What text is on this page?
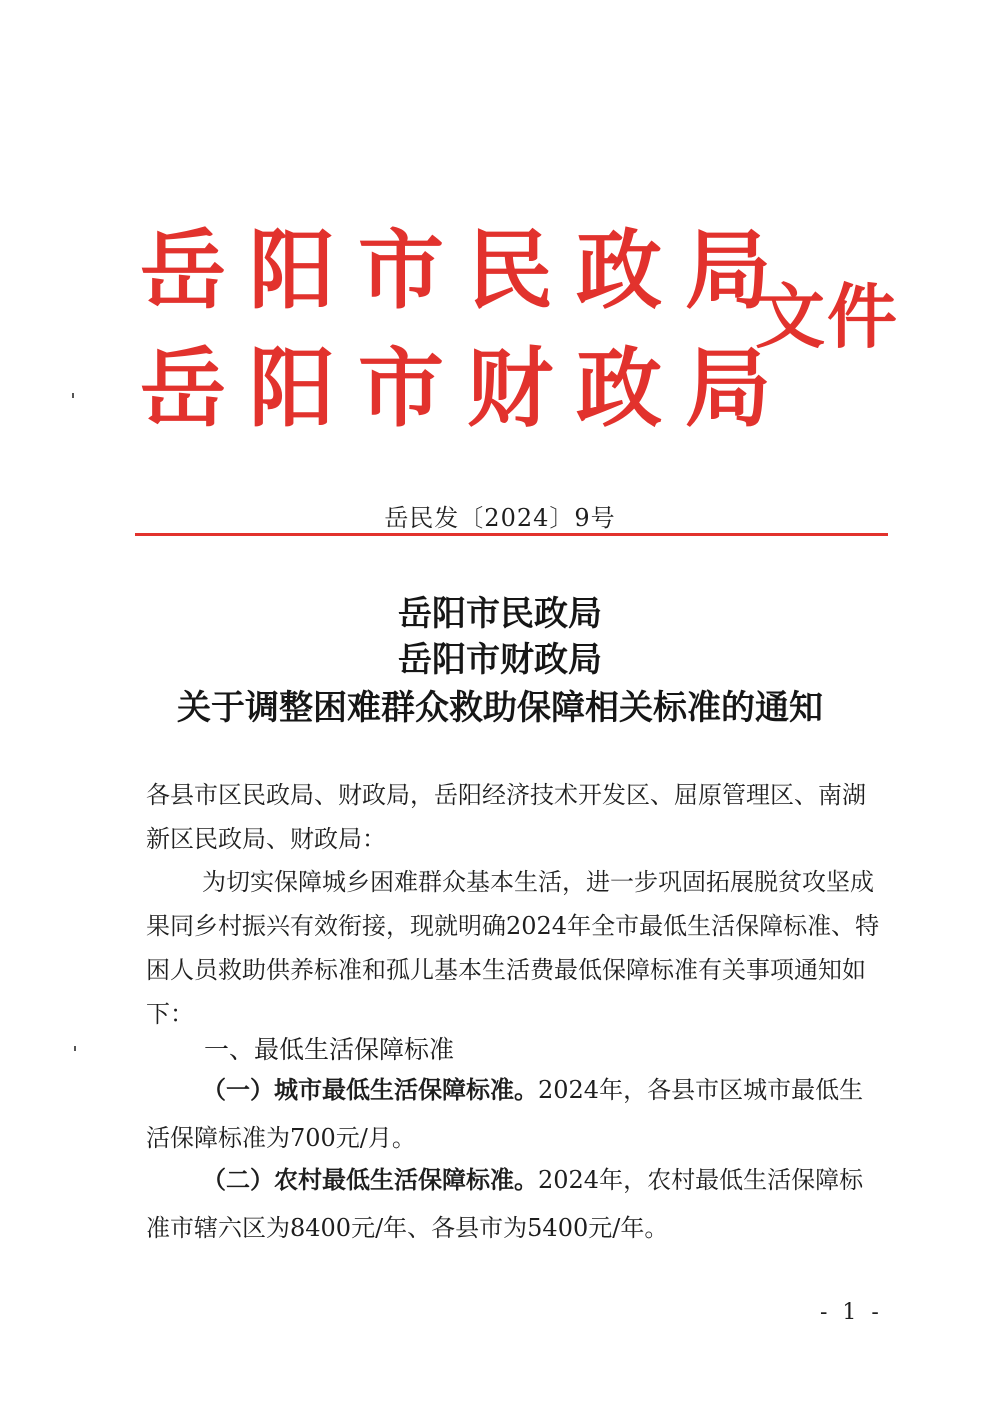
岳阳市民政局
岳阳市财政局
文件
岳民发〔2024〕9号
岳阳市民政局
岳阳市财政局
关于调整困难群众救助保障相关标准的通知
各县市区民政局、财政局，岳阳经济技术开发区、屈原管理区、南湖新区民政局、财政局：
为切实保障城乡困难群众基本生活，进一步巩固拓展脱贫攻坚成果同乡村振兴有效衔接，现就明确2024年全市最低生活保障标准、特困人员救助供养标准和孤儿基本生活费最低保障标准有关事项通知如下：
一、最低生活保障标准
（一）城市最低生活保障标准。2024年，各县市区城市最低生活保障标准为700元/月。
（二）农村最低生活保障标准。2024年，农村最低生活保障标准市辖六区为8400元/年、各县市为5400元/年。
- 1 -
